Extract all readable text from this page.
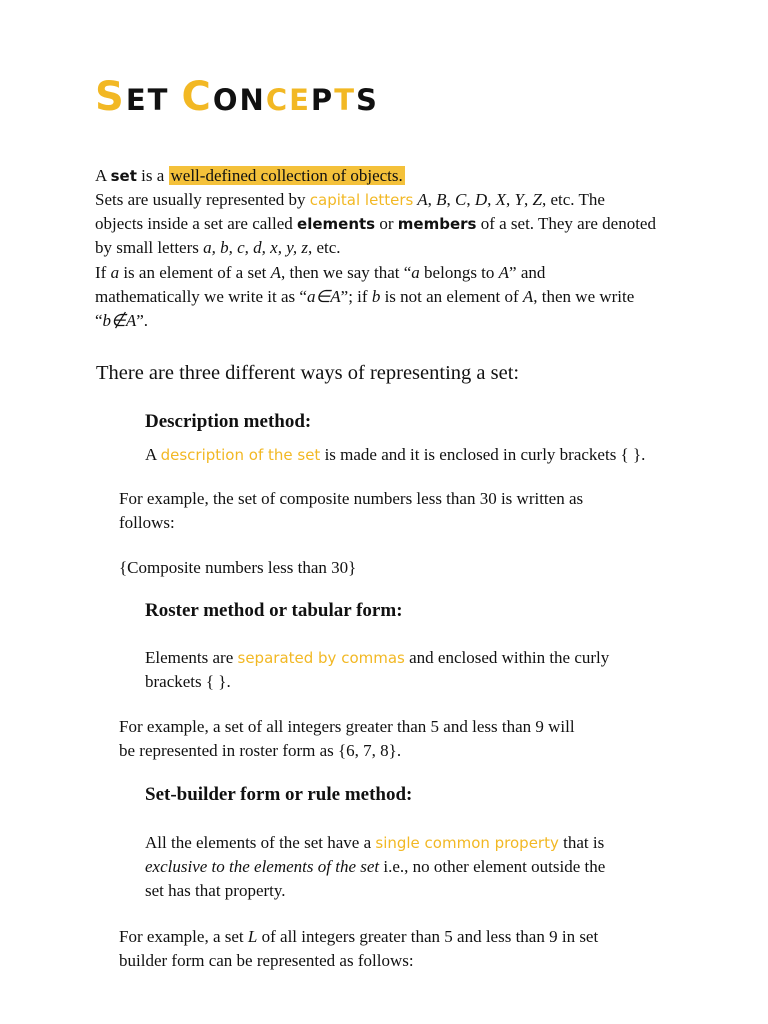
SET CONCEPTS
A set is a well-defined collection of objects.
Sets are usually represented by capital letters A, B, C, D, X, Y, Z, etc. The
objects inside a set are called elements or members of a set. They are denoted
by small letters a, b, c, d, x, y, z, etc.
If a is an element of a set A, then we say that “a belongs to A” and
mathematically we write it as “a∈A”; if b is not an element of A, then we write
“b∉A”.
There are three different ways of representing a set:
Description method:
A description of the set is made and it is enclosed in curly brackets { }.
For example, the set of composite numbers less than 30 is written as
follows:
{Composite numbers less than 30}
Roster method or tabular form:
Elements are separated by commas and enclosed within the curly
brackets { }.
For example, a set of all integers greater than 5 and less than 9 will
be represented in roster form as {6, 7, 8}.
Set-builder form or rule method:
All the elements of the set have a single common property that is
exclusive to the elements of the set i.e., no other element outside the
set has that property.
For example, a set L of all integers greater than 5 and less than 9 in set
builder form can be represented as follows:
